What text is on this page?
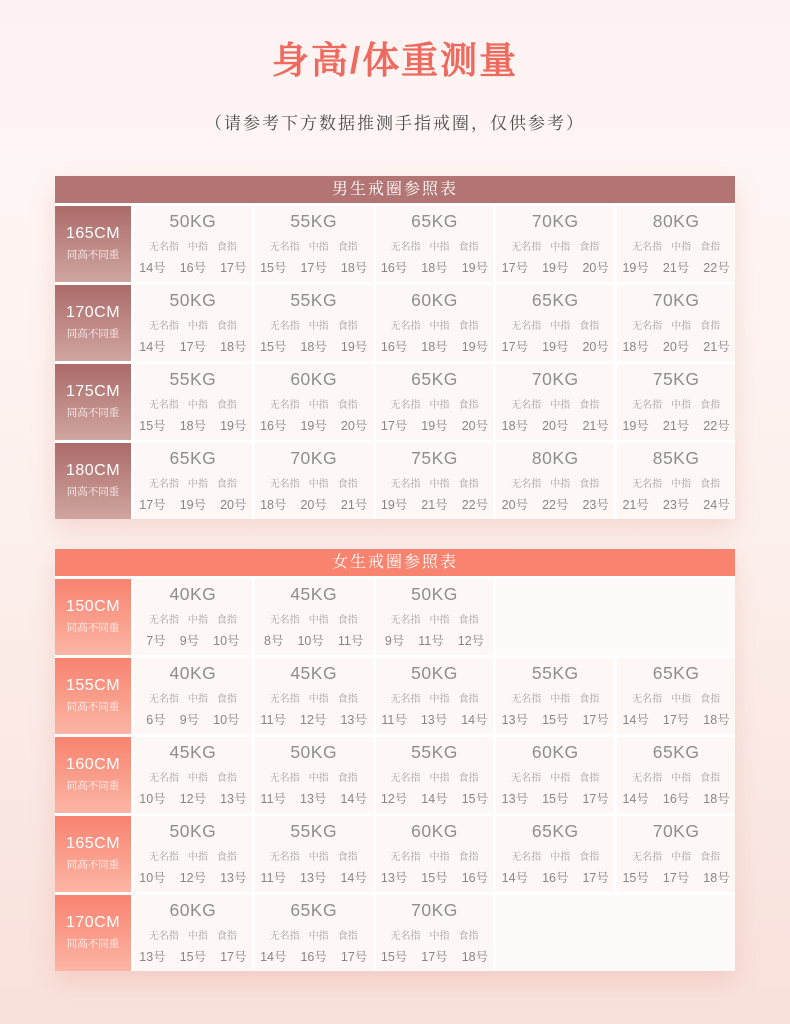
身高/体重测量
（请参考下方数据推测手指戒圈，仅供参考）
男生戒圈参照表
165CM
同高不同重
50KG
无名指 中指 食指
14号 16号 17号
55KG
无名指 中指 食指
15号 17号 18号
65KG
无名指 中指 食指
16号 18号 19号
70KG
无名指 中指 食指
17号 19号 20号
80KG
无名指 中指 食指
19号 21号 22号
170CM
同高不同重
50KG
无名指 中指 食指
14号 17号 18号
55KG
无名指 中指 食指
15号 18号 19号
60KG
无名指 中指 食指
16号 18号 19号
65KG
无名指 中指 食指
17号 19号 20号
70KG
无名指 中指 食指
18号 20号 21号
175CM
同高不同重
55KG
无名指 中指 食指
15号 18号 19号
60KG
无名指 中指 食指
16号 19号 20号
65KG
无名指 中指 食指
17号 19号 20号
70KG
无名指 中指 食指
18号 20号 21号
75KG
无名指 中指 食指
19号 21号 22号
180CM
同高不同重
65KG
无名指 中指 食指
17号 19号 20号
70KG
无名指 中指 食指
18号 20号 21号
75KG
无名指 中指 食指
19号 21号 22号
80KG
无名指 中指 食指
20号 22号 23号
85KG
无名指 中指 食指
21号 23号 24号
女生戒圈参照表
150CM
同高不同重
40KG
无名指 中指 食指
7号 9号 10号
45KG
无名指 中指 食指
8号 10号 11号
50KG
无名指 中指 食指
9号 11号 12号
155CM
同高不同重
40KG
无名指 中指 食指
6号 9号 10号
45KG
无名指 中指 食指
11号 12号 13号
50KG
无名指 中指 食指
11号 13号 14号
55KG
无名指 中指 食指
13号 15号 17号
65KG
无名指 中指 食指
14号 17号 18号
160CM
同高不同重
45KG
无名指 中指 食指
10号 12号 13号
50KG
无名指 中指 食指
11号 13号 14号
55KG
无名指 中指 食指
12号 14号 15号
60KG
无名指 中指 食指
13号 15号 17号
65KG
无名指 中指 食指
14号 16号 18号
165CM
同高不同重
50KG
无名指 中指 食指
10号 12号 13号
55KG
无名指 中指 食指
11号 13号 14号
60KG
无名指 中指 食指
13号 15号 16号
65KG
无名指 中指 食指
14号 16号 17号
70KG
无名指 中指 食指
15号 17号 18号
170CM
同高不同重
60KG
无名指 中指 食指
13号 15号 17号
65KG
无名指 中指 食指
14号 16号 17号
70KG
无名指 中指 食指
15号 17号 18号
